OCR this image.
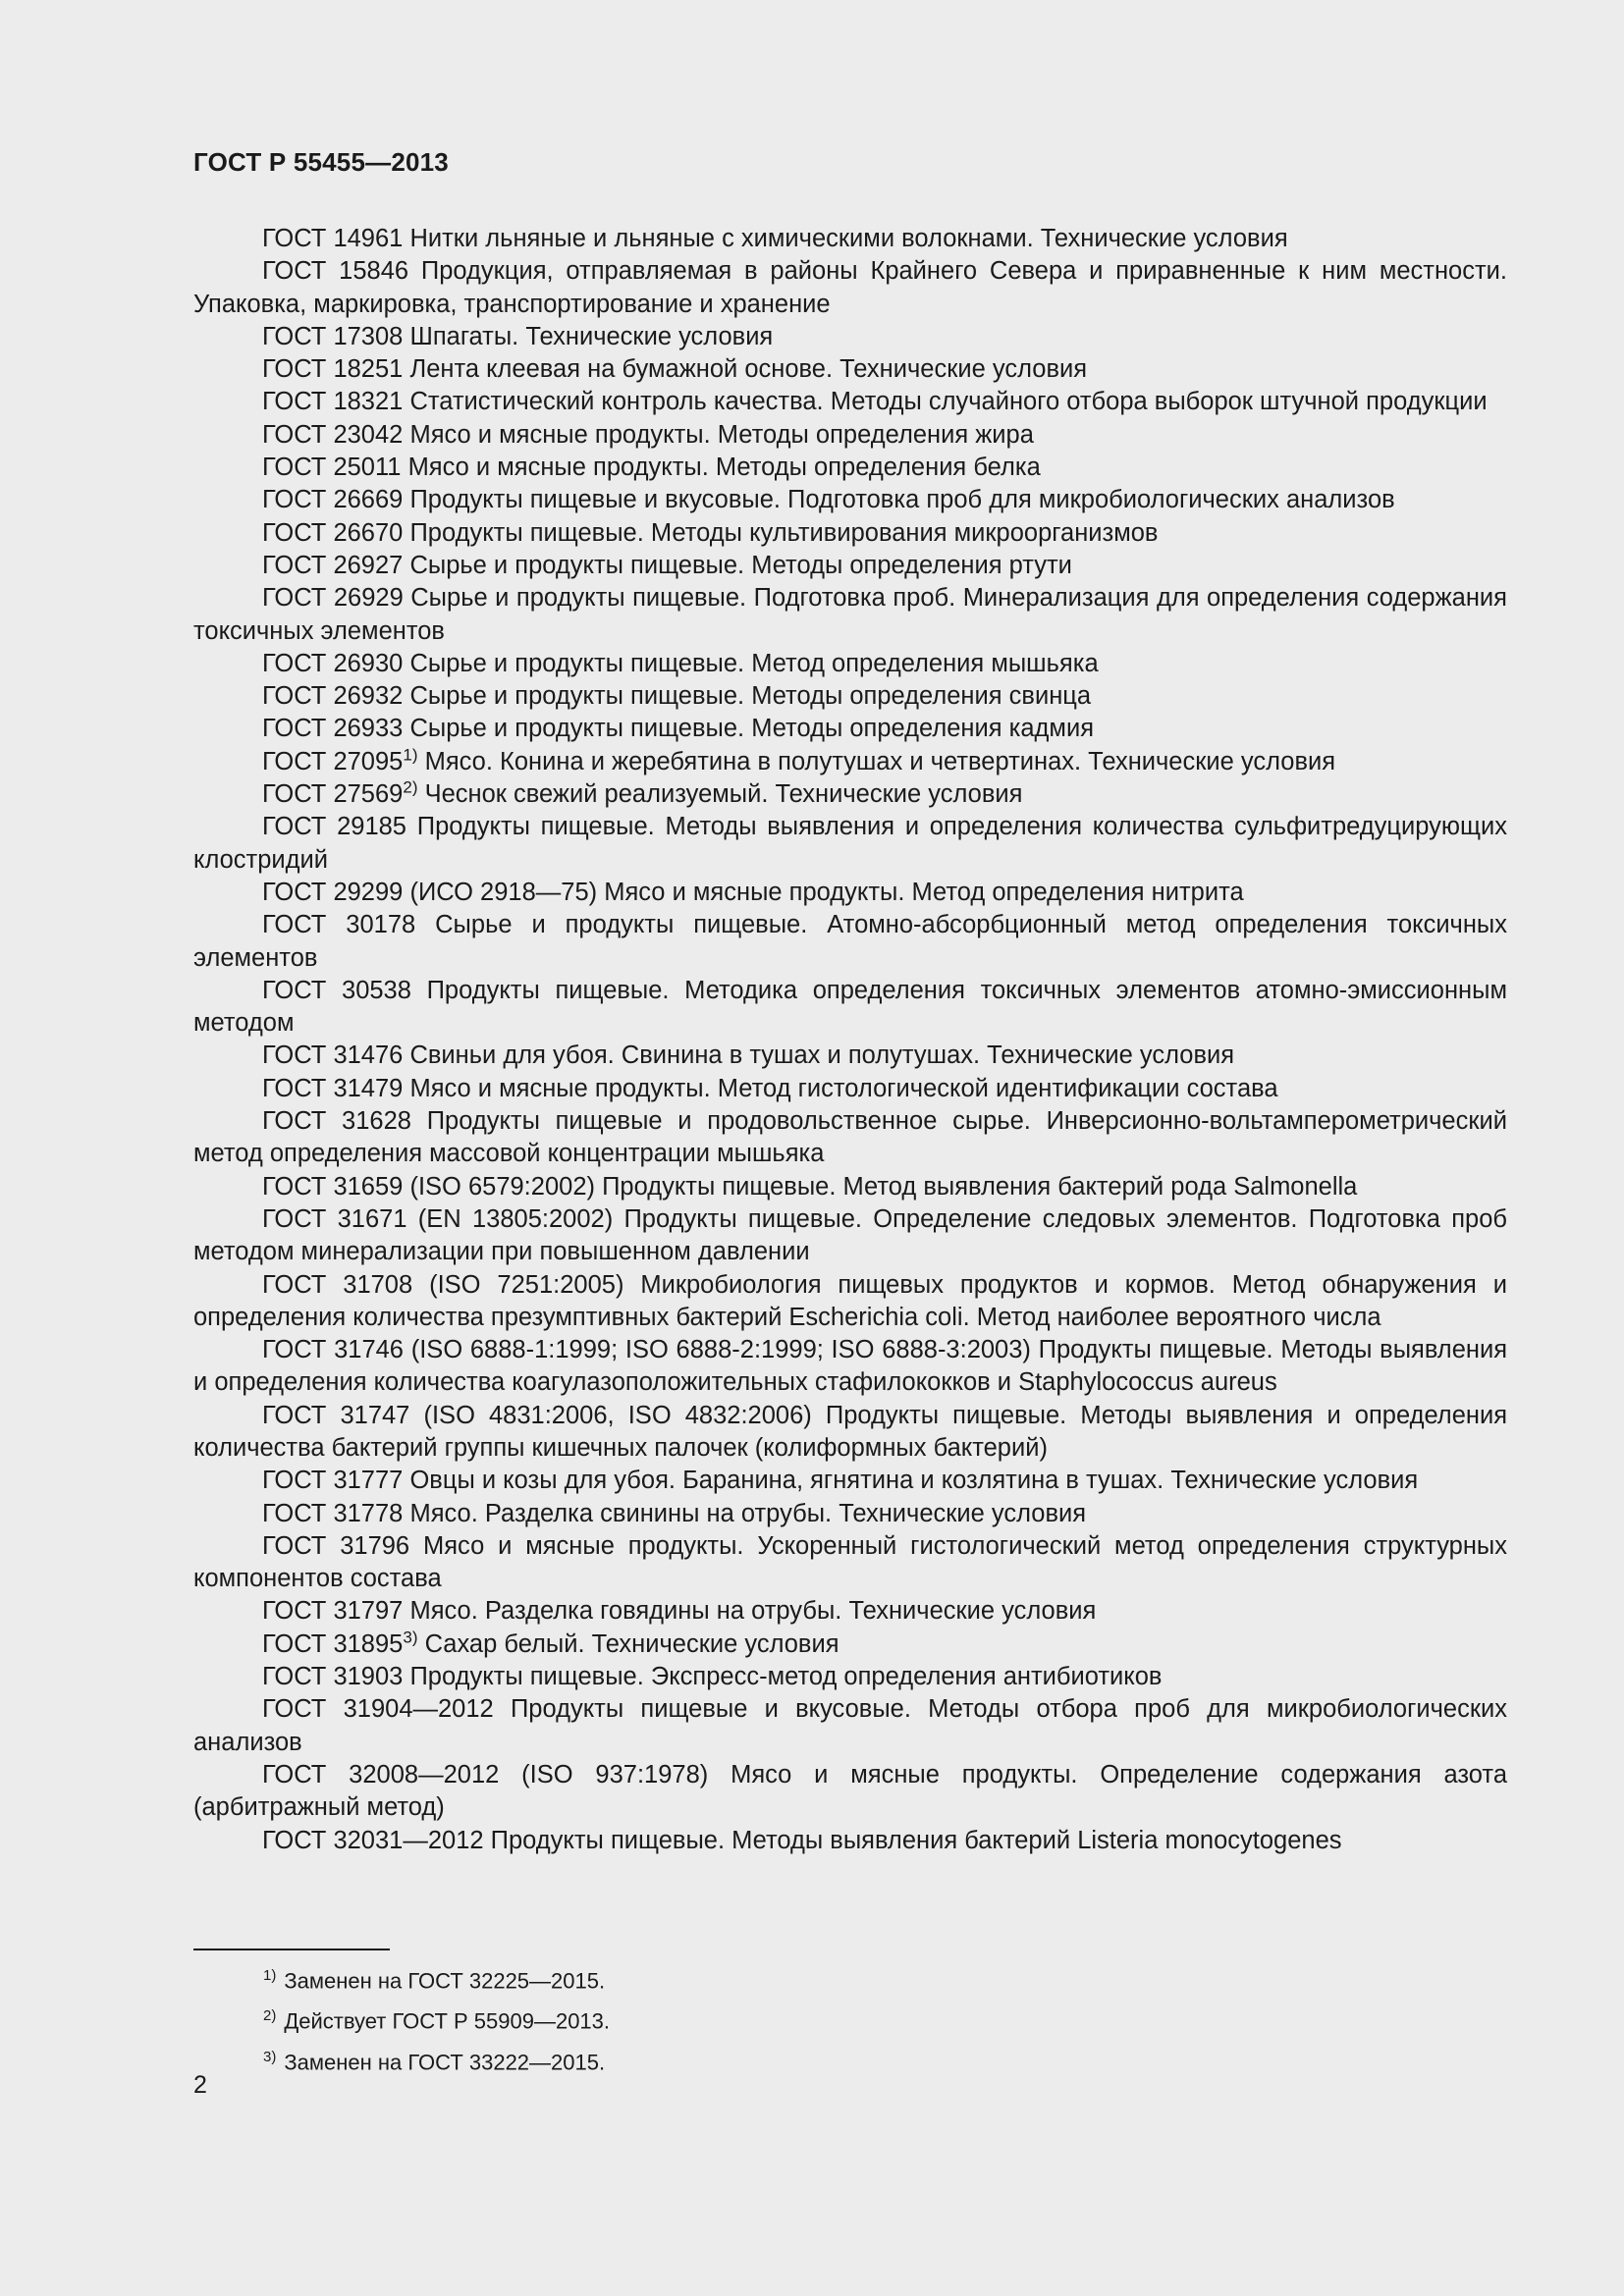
ГОСТ Р 55455—2013

ГОСТ 14961 Нитки льняные и льняные с химическими волокнами. Технические условия

ГОСТ 15846 Продукция, отправляемая в районы Крайнего Севера и приравненные к ним местности. Упаковка, маркировка, транспортирование и хранение

ГОСТ 17308 Шпагаты. Технические условия

ГОСТ 18251 Лента клеевая на бумажной основе. Технические условия

ГОСТ 18321 Статистический контроль качества. Методы случайного отбора выборок штучной продукции

ГОСТ 23042 Мясо и мясные продукты. Методы определения жира

ГОСТ 25011 Мясо и мясные продукты. Методы определения белка

ГОСТ 26669 Продукты пищевые и вкусовые. Подготовка проб для микробиологических анализов

ГОСТ 26670 Продукты пищевые. Методы культивирования микроорганизмов

ГОСТ 26927 Сырье и продукты пищевые. Методы определения ртути

ГОСТ 26929 Сырье и продукты пищевые. Подготовка проб. Минерализация для определения содержания токсичных элементов

ГОСТ 26930 Сырье и продукты пищевые. Метод определения мышьяка

ГОСТ 26932 Сырье и продукты пищевые. Методы определения свинца

ГОСТ 26933 Сырье и продукты пищевые. Методы определения кадмия

ГОСТ 27095$^{1)}$ Мясо. Конина и жеребятина в полутушах и четвертинах. Технические условия

ГОСТ 27569$^{2)}$ Чеснок свежий реализуемый. Технические условия

ГОСТ 29185 Продукты пищевые. Методы выявления и определения количества сульфитредуцирующих клостридий

ГОСТ 29299 (ИСО 2918—75) Мясо и мясные продукты. Метод определения нитрита

ГОСТ 30178 Сырье и продукты пищевые. Атомно-абсорбционный метод определения токсичных элементов

ГОСТ 30538 Продукты пищевые. Методика определения токсичных элементов атомно-эмиссионным методом

ГОСТ 31476 Свиньи для убоя. Свинина в тушах и полутушах. Технические условия

ГОСТ 31479 Мясо и мясные продукты. Метод гистологической идентификации состава

ГОСТ 31628 Продукты пищевые и продовольственное сырье. Инверсионно-вольтамперометрический метод определения массовой концентрации мышьяка

ГОСТ 31659 (ISO 6579:2002) Продукты пищевые. Метод выявления бактерий рода Salmonella

ГОСТ 31671 (EN 13805:2002) Продукты пищевые. Определение следовых элементов. Подготовка проб методом минерализации при повышенном давлении

ГОСТ 31708 (ISO 7251:2005) Микробиология пищевых продуктов и кормов. Метод обнаружения и определения количества презумптивных бактерий Escherichia coli. Метод наиболее вероятного числа

ГОСТ 31746 (ISO 6888-1:1999; ISO 6888-2:1999; ISO 6888-3:2003) Продукты пищевые. Методы выявления и определения количества коагулазоположительных стафилококков и Staphylococcus aureus

ГОСТ 31747 (ISO 4831:2006, ISO 4832:2006) Продукты пищевые. Методы выявления и определения количества бактерий группы кишечных палочек (колиформных бактерий)

ГОСТ 31777 Овцы и козы для убоя. Баранина, ягнятина и козлятина в тушах. Технические условия

ГОСТ 31778 Мясо. Разделка свинины на отрубы. Технические условия

ГОСТ 31796 Мясо и мясные продукты. Ускоренный гистологический метод определения структурных компонентов состава

ГОСТ 31797 Мясо. Разделка говядины на отрубы. Технические условия

ГОСТ 31895$^{3)}$ Сахар белый. Технические условия

ГОСТ 31903 Продукты пищевые. Экспресс-метод определения антибиотиков

ГОСТ 31904—2012 Продукты пищевые и вкусовые. Методы отбора проб для микробиологических анализов

ГОСТ 32008—2012 (ISO 937:1978) Мясо и мясные продукты. Определение содержания азота (арбитражный метод)

ГОСТ 32031—2012 Продукты пищевые. Методы выявления бактерий Listeria monocytogenes

$^{1)}$ Заменен на ГОСТ 32225—2015.
$^{2)}$ Действует ГОСТ Р 55909—2013.
$^{3)}$ Заменен на ГОСТ 33222—2015.
2
